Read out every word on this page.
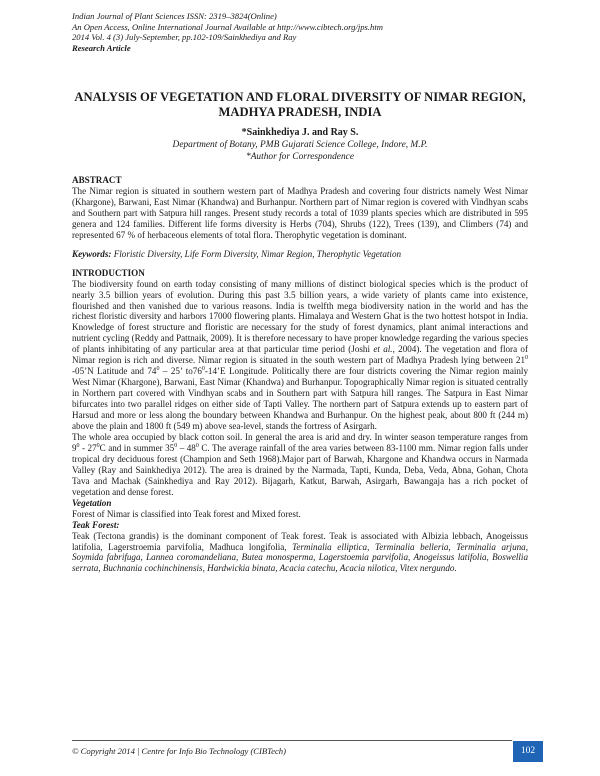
Indian Journal of Plant Sciences ISSN: 2319–3824(Online)
An Open Access, Online International Journal Available at http://www.cibtech.org/jps.htm
2014 Vol. 4 (3) July-September, pp.102-109/Sainkhediya and Ray
Research Article
ANALYSIS OF VEGETATION AND FLORAL DIVERSITY OF NIMAR REGION, MADHYA PRADESH, INDIA
*Sainkhediya J. and Ray S.
Department of Botany, PMB Gujarati Science College, Indore, M.P.
*Author for Correspondence

ABSTRACT

The Nimar region is situated in southern western part of Madhya Pradesh and covering four districts namely West Nimar (Khargone), Barwani, East Nimar (Khandwa) and Burhanpur. Northern part of Nimar region is covered with Vindhyan scabs and Southern part with Satpura hill ranges. Present study records a total of 1039 plants species which are distributed in 595 genera and 124 families. Different life forms diversity is Herbs (704), Shrubs (122), Trees (139), and Climbers (74) and represented 67 % of herbaceous elements of total flora. Therophytic vegetation is dominant.

Keywords: Floristic Diversity, Life Form Diversity, Nimar Region, Therophytic Vegetation

INTRODUCTION

The biodiversity found on earth today consisting of many millions of distinct biological species which is the product of nearly 3.5 billion years of evolution. During this past 3.5 billion years, a wide variety of plants came into existence, flourished and then vanished due to various reasons. India is twelfth mega biodiversity nation in the world and has the richest floristic diversity and harbors 17000 flowering plants. Himalaya and Western Ghat is the two hottest hotspot in India. Knowledge of forest structure and floristic are necessary for the study of forest dynamics, plant animal interactions and nutrient cycling (Reddy and Pattnaik, 2009). It is therefore necessary to have proper knowledge regarding the various species of plants inhibitating of any particular area at that particular time period (Joshi et al., 2004). The vegetation and flora of Nimar region is rich and diverse. Nimar region is situated in the south western part of Madhya Pradesh lying between $21^0$ -05’N Latitude and $74^0 - 25$’ $to76^0-14’E$ Longitude. Politically there are four districts covering the Nimar region mainly West Nimar (Khargone), Barwani, East Nimar (Khandwa) and Burhanpur. Topographically Nimar region is situated centrally in Northern part covered with Vindhyan scabs and in Southern part with Satpura hill ranges. The Satpura in East Nimar bifurcates into two parallel ridges on either side of Tapti Valley. The northern part of Satpura extends up to eastern part of Harsud and more or less along the boundary between Khandwa and Burhanpur. On the highest peak, about 800 ft (244 m) above the plain and 1800 ft (549 m) above sea-level, stands the fortress of Asirgarh.

The whole area occupied by black cotton soil. In general the area is arid and dry. In winter season temperature ranges from $9^0 - 27^0C$ and in summer $35^0 - 48^0$ C. The average rainfall of the area varies between 83-1100 mm. Nimar region falls under tropical dry deciduous forest (Champion and Seth 1968).Major part of Barwah, Khargone and Khandwa occurs in Narmada Valley (Ray and Sainkhediya 2012). The area is drained by the Narmada, Tapti, Kunda, Deba, Veda, Abna, Gohan, Chota Tava and Machak (Sainkhediya and Ray 2012). Bijagarh, Katkut, Barwah, Asirgarh, Bawangaja has a rich pocket of vegetation and dense forest.

Vegetation

Forest of Nimar is classified into Teak forest and Mixed forest.

Teak Forest:

Teak (Tectona grandis) is the dominant component of Teak forest. Teak is associated with Albizia lebbach, Anogeissus latifolia, Lagerstroemia parvifolia, Madhuca longifolia, Terminalia elliptica, Terminalia belleria, Terminalia arjuna, Soymida fabrifuga, Lannea coromandeliana, Butea monosperma, Lagerstoemia parvifolia, Anogeissus latifolia, Boswellia serrata, Buchnania cochinchinensis, Hardwickia binata, Acacia catechu, Acacia nilotica, Vitex nergundo.

© Copyright 2014 | Centre for Info Bio Technology (CIBTech)	102
